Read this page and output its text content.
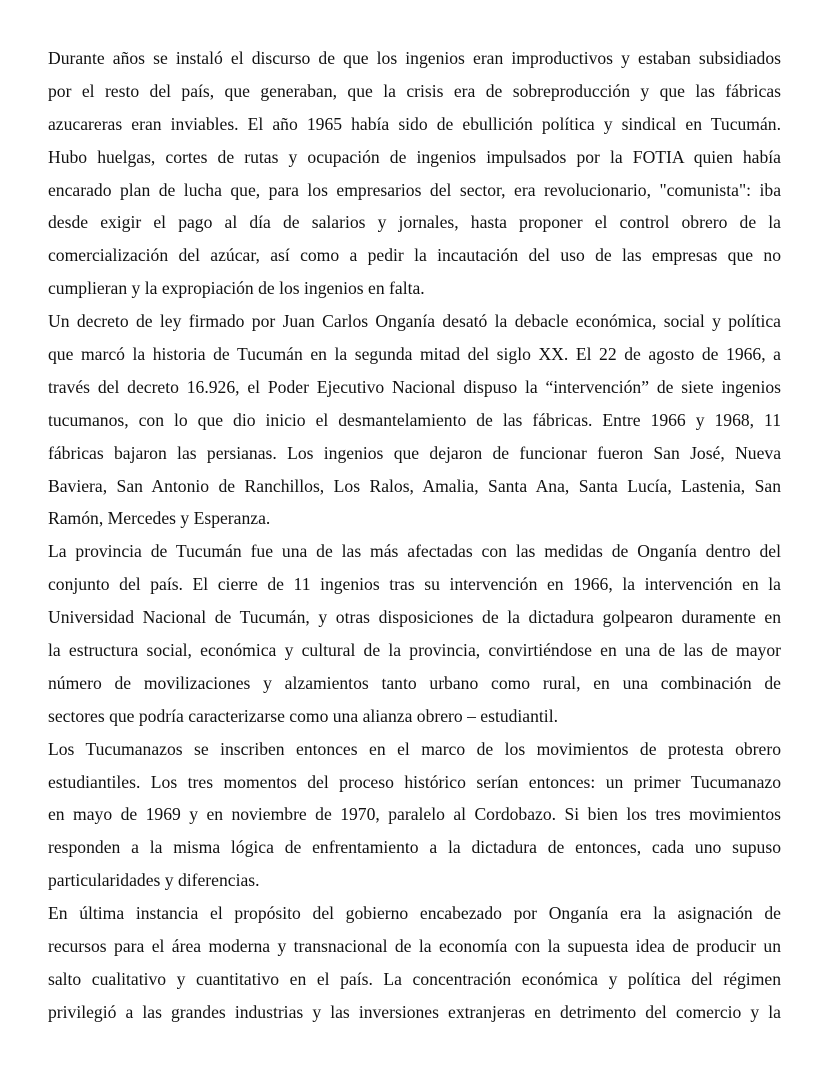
Durante años se instaló el discurso de que los ingenios eran improductivos y estaban subsidiados
por el resto del país, que generaban, que la crisis era de sobreproducción y que las fábricas
azucareras eran inviables. El año 1965 había sido de ebullición política y sindical en Tucumán.
Hubo huelgas, cortes de rutas y ocupación de ingenios impulsados por la FOTIA quien había
encarado plan de lucha que, para los empresarios del sector, era revolucionario, "comunista": iba
desde exigir el pago al día de salarios y jornales, hasta proponer el control obrero de la
comercialización del azúcar, así como a pedir la incautación del uso de las empresas que no
cumplieran y la expropiación de los ingenios en falta.
Un decreto de ley firmado por Juan Carlos Onganía desató la debacle económica, social y política
que marcó la historia de Tucumán en la segunda mitad del siglo XX. El 22 de agosto de 1966, a
través del decreto 16.926, el Poder Ejecutivo Nacional dispuso la “intervención” de siete ingenios
tucumanos, con lo que dio inicio el desmantelamiento de las fábricas. Entre 1966 y 1968, 11
fábricas bajaron las persianas. Los ingenios que dejaron de funcionar fueron San José, Nueva
Baviera, San Antonio de Ranchillos, Los Ralos, Amalia, Santa Ana, Santa Lucía, Lastenia, San
Ramón, Mercedes y Esperanza.
La provincia de Tucumán fue una de las más afectadas con las medidas de Onganía dentro del
conjunto del país. El cierre de 11 ingenios tras su intervención en 1966, la intervención en la
Universidad Nacional de Tucumán, y otras disposiciones de la dictadura golpearon duramente en
la estructura social, económica y cultural de la provincia, convirtiéndose en una de las de mayor
número de movilizaciones y alzamientos tanto urbano como rural, en una combinación de
sectores que podría caracterizarse como una alianza obrero – estudiantil.
Los Tucumanazos se inscriben entonces en el marco de los movimientos de protesta obrero
estudiantiles. Los tres momentos del proceso histórico serían entonces: un primer Tucumanazo
en mayo de 1969 y en noviembre de 1970, paralelo al Cordobazo. Si bien los tres movimientos
responden a la misma lógica de enfrentamiento a la dictadura de entonces, cada uno supuso
particularidades y diferencias.
En última instancia el propósito del gobierno encabezado por Onganía era la asignación de
recursos para el área moderna y transnacional de la economía con la supuesta idea de producir un
salto cualitativo y cuantitativo en el país. La concentración económica y política del régimen
privilegió a las grandes industrias y las inversiones extranjeras en detrimento del comercio y la
